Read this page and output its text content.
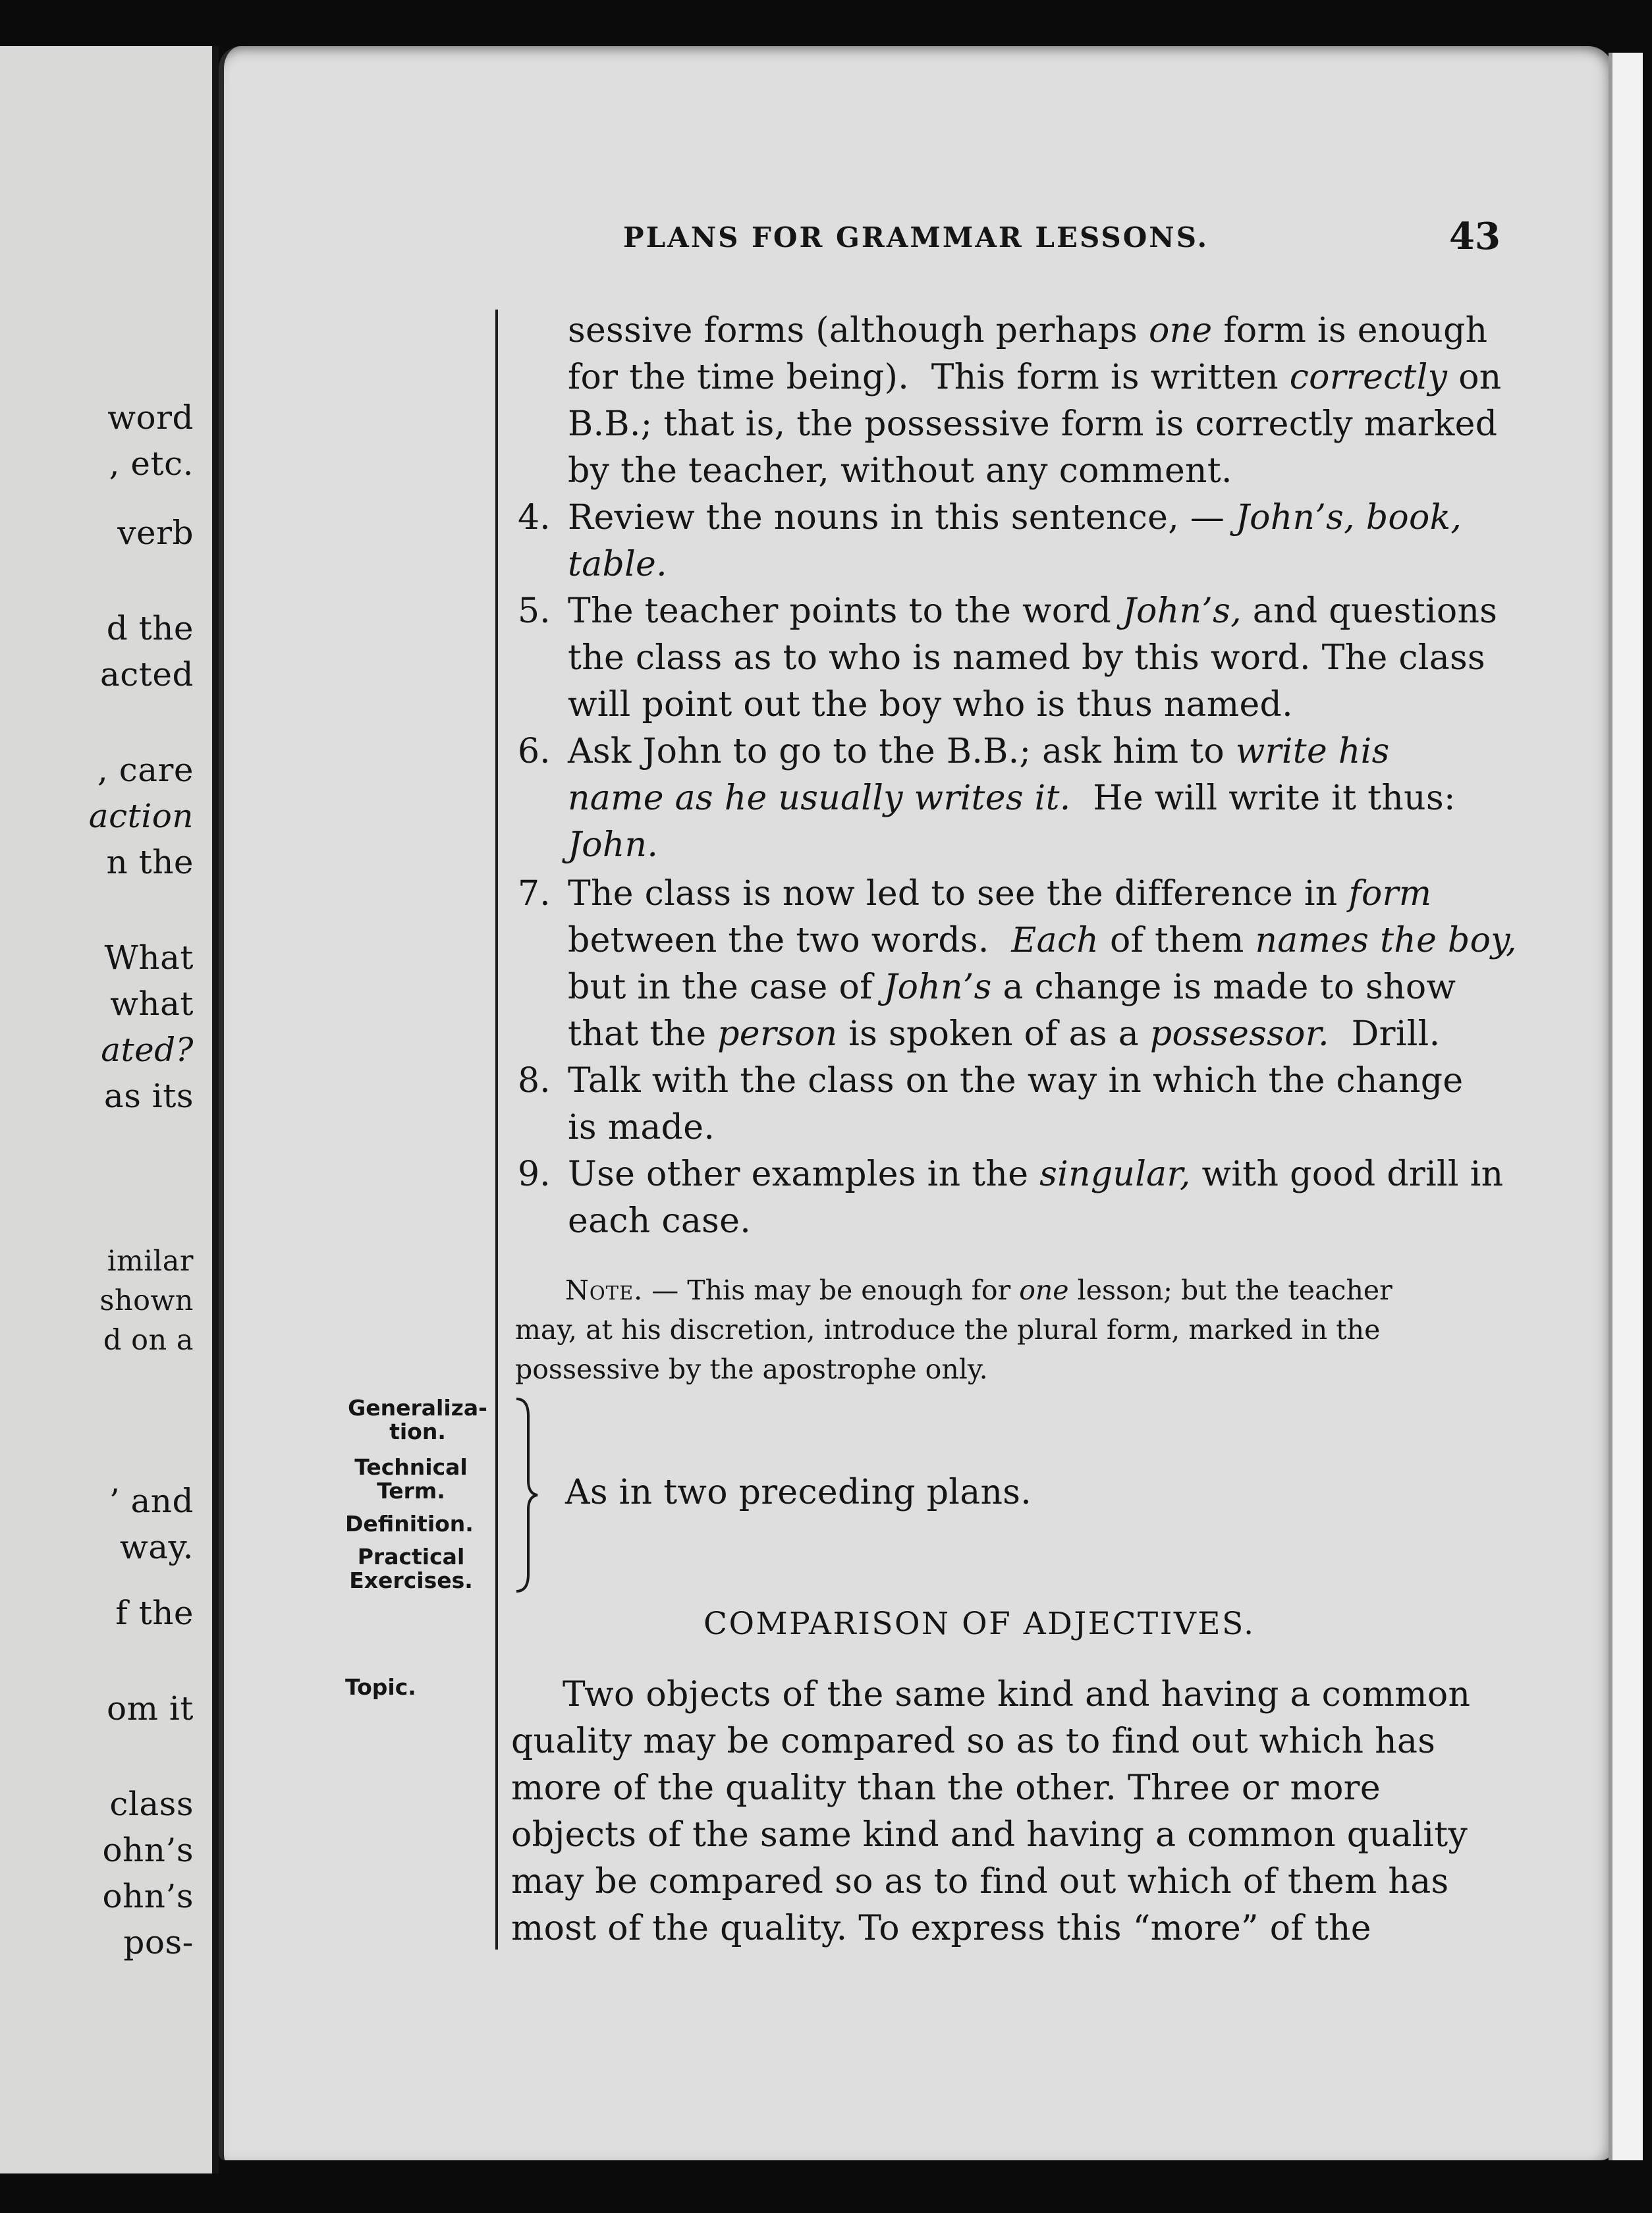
word
, etc.
verb
d the
acted
, care
action
n the
What
what
ated?
as its
imilar
shown
d on a
’ and
way.
f the
om it
class
ohn’s
ohn’s
pos-
PLANS FOR GRAMMAR LESSONS.	43
sessive forms (although perhaps one form is enough
for the time being).  This form is written correctly on
B.B.; that is, the possessive form is correctly marked
by the teacher, without any comment.
4. Review the nouns in this sentence, — John’s, book,
table.
5. The teacher points to the word John’s, and questions
the class as to who is named by this word. The class
will point out the boy who is thus named.
6. Ask John to go to the B.B.; ask him to write his
name as he usually writes it.  He will write it thus:
John.
7. The class is now led to see the difference in form
between the two words.  Each of them names the boy,
but in the case of John’s a change is made to show
that the person is spoken of as a possessor.  Drill.
8. Talk with the class on the way in which the change
is made.
9. Use other examples in the singular, with good drill in
each case.
Note. — This may be enough for one lesson; but the teacher
may, at his discretion, introduce the plural form, marked in the
possessive by the apostrophe only.
Generaliza-
tion.
Technical
Term.
Definition.
Practical
Exercises.
Topic.
As in two preceding plans.
COMPARISON OF ADJECTIVES.
Two objects of the same kind and having a common
quality may be compared so as to find out which has
more of the quality than the other. Three or more
objects of the same kind and having a common quality
may be compared so as to find out which of them has
most of the quality. To express this “more” of the
